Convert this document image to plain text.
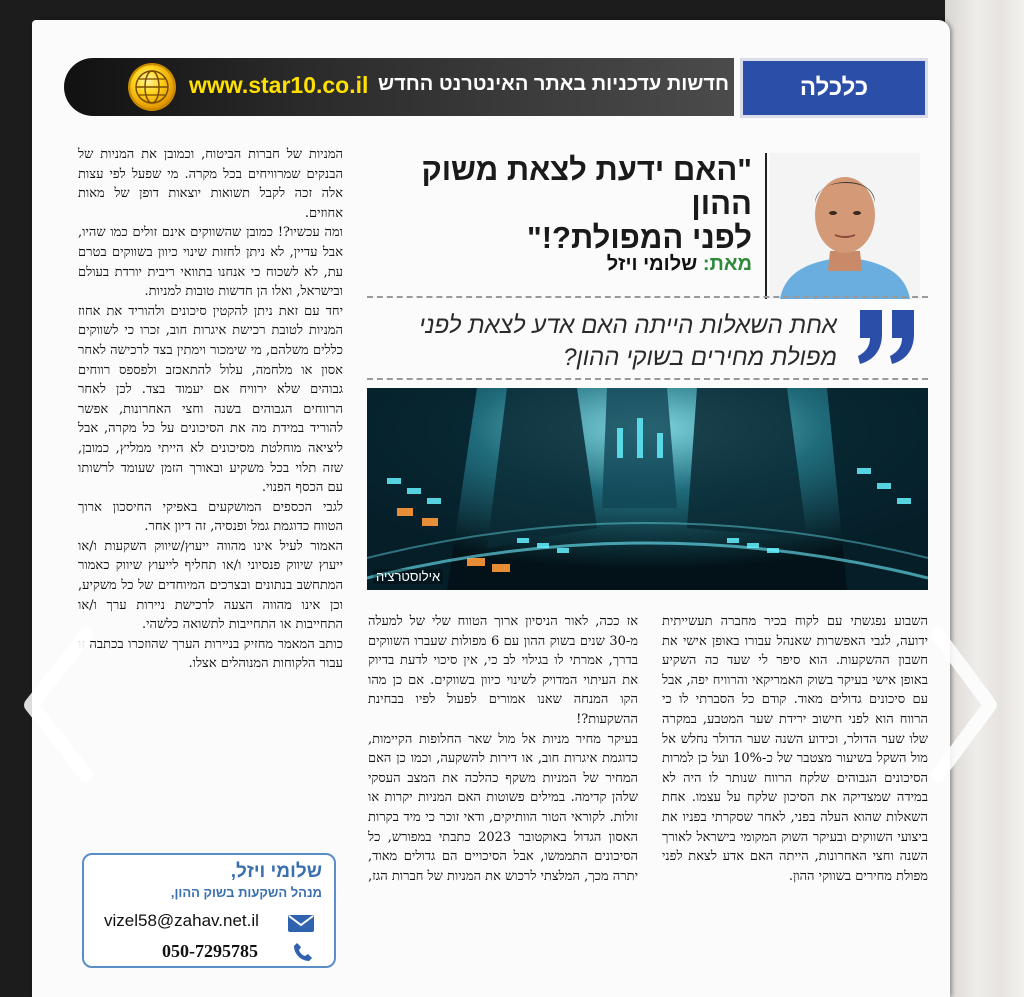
www.star10.co.il חדשות עדכניות באתר האינטרנט החדש	כלכלה
"האם ידעת לצאת משוק ההון
לפני המפולת?!"
מאת: שלומי ויזל
אחת השאלות הייתה האם אדע לצאת לפני מפולת מחירים בשוקי ההון?
אילוסטרציה

השבוע נפגשתי עם לקוח בכיר מחברה תעשייתית ידועה, לגבי האפשרות שאנהל עבורו באופן אישי את חשבון ההשקעות. הוא סיפר לי שעד כה השקיע באופן אישי בעיקר בשוק האמריקאי והרוויח יפה, אבל עם סיכונים גדולים מאוד. קודם כל הסברתי לו כי הרווח הוא לפני חישוב ירידת שער המטבע, במקרה שלו שער הדולר, וכידוע השנה שער הדולר נחלש אל מול השקל בשיעור מצטבר של כ-10% ועל כן למרות הסיכונים הגבוהים שלקח הרווח שנותר לו היה לא במידה שמצדיקה את הסיכון שלקח על עצמו. אחת השאלות שהוא העלה בפני, לאחר שסקרתי בפניו את ביצועי השווקים ובעיקר השוק המקומי בישראל לאורך השנה וחצי האחרונות, הייתה האם אדע לצאת לפני מפולת מחירים בשווקי ההון.

אז ככה, לאור הניסיון ארוך הטווח שלי של למעלה מ-30 שנים בשוק ההון עם 6 מפולות שעברו השווקים בדרך, אמרתי לו בגילוי לב כי, אין סיכוי לדעת בדיוק את העיתוי המדויק לשינוי כיוון בשווקים. אם כן מהו הקו המנחה שאנו אמורים לפעול לפיו בבחינת ההשקעות?!

בעיקר מחיר מניות אל מול שאר החלופות הקיימות, כדוגמת איגרות חוב, או דירות להשקעה, וכמו כן האם המחיר של המניות משקף כהלכה את המצב העסקי שלהן קדימה. במילים פשוטות האם המניות יקרות או זולות. לקוראי הטור הוותיקים, ודאי זוכר כי מיד בקרות האסון הגדול באוקטובר 2023 כתבתי במפורש, כל הסיכונים התממשו, אבל הסיכויים הם גדולים מאוד, יתרה מכך, המלצתי לרכוש את המניות של חברות הגז,

המניות של חברות הביטוח, וכמובן את המניות של הבנקים שמרוויחים בכל מקרה. מי שפעל לפי עצות אלה זכה לקבל תשואות יוצאות דופן של מאות אחוזים.

ומה עכשיו?! כמובן שהשווקים אינם זולים כמו שהיו, אבל עדיין, לא ניתן לחזות שינוי כיוון בשווקים בטרם עת, לא לשכוח כי אנחנו בתוואי ריבית יורדת בעולם ובישראל, ואלו הן חדשות טובות למניות.

יחד עם זאת ניתן להקטין סיכונים ולהוריד את אחוז המניות לטובת רכישת איגרות חוב, זכרו כי לשווקים כללים משלהם, מי שימכור וימתין בצד לרכישה לאחר אסון או מלחמה, עלול להתאכזב ולפספס רווחים גבוהים שלא ירוויח אם יעמוד בצד. לכן לאחר הרווחים הגבוהים בשנה וחצי האחרונות, אפשר להוריד במידת מה את הסיכונים על כל מקרה, אבל ליציאה מוחלטת מסיכונים לא הייתי ממליץ, כמובן, שזה תלוי בכל משקיע ובאורך הזמן שעומד לרשותו עם הכסף הפנוי.

לגבי הכספים המושקעים באפיקי החיסכון ארוך הטווח כדוגמת גמל ופנסיה, זה דיון אחר.

האמור לעיל אינו מהווה ייעוץ/שיווק השקעות ו/או ייעוץ שיווק פנסיוני ו/או תחליף לייעוץ שיווק כאמור המתחשב בנתונים ובצרכים המיוחדים של כל משקיע, וכן אינו מהווה הצעה לרכישת ניירות ערך ו/או התחייבות או התחייבות לתשואה כלשהי.

כותב המאמר מחזיק בניירות הערך שהוזכרו בכתבה זו עבור הלקוחות המנוהלים אצלו.

שלומי ויזל,
מנהל השקעות בשוק ההון,
vizel58@zahav.net.il
050-7295785
